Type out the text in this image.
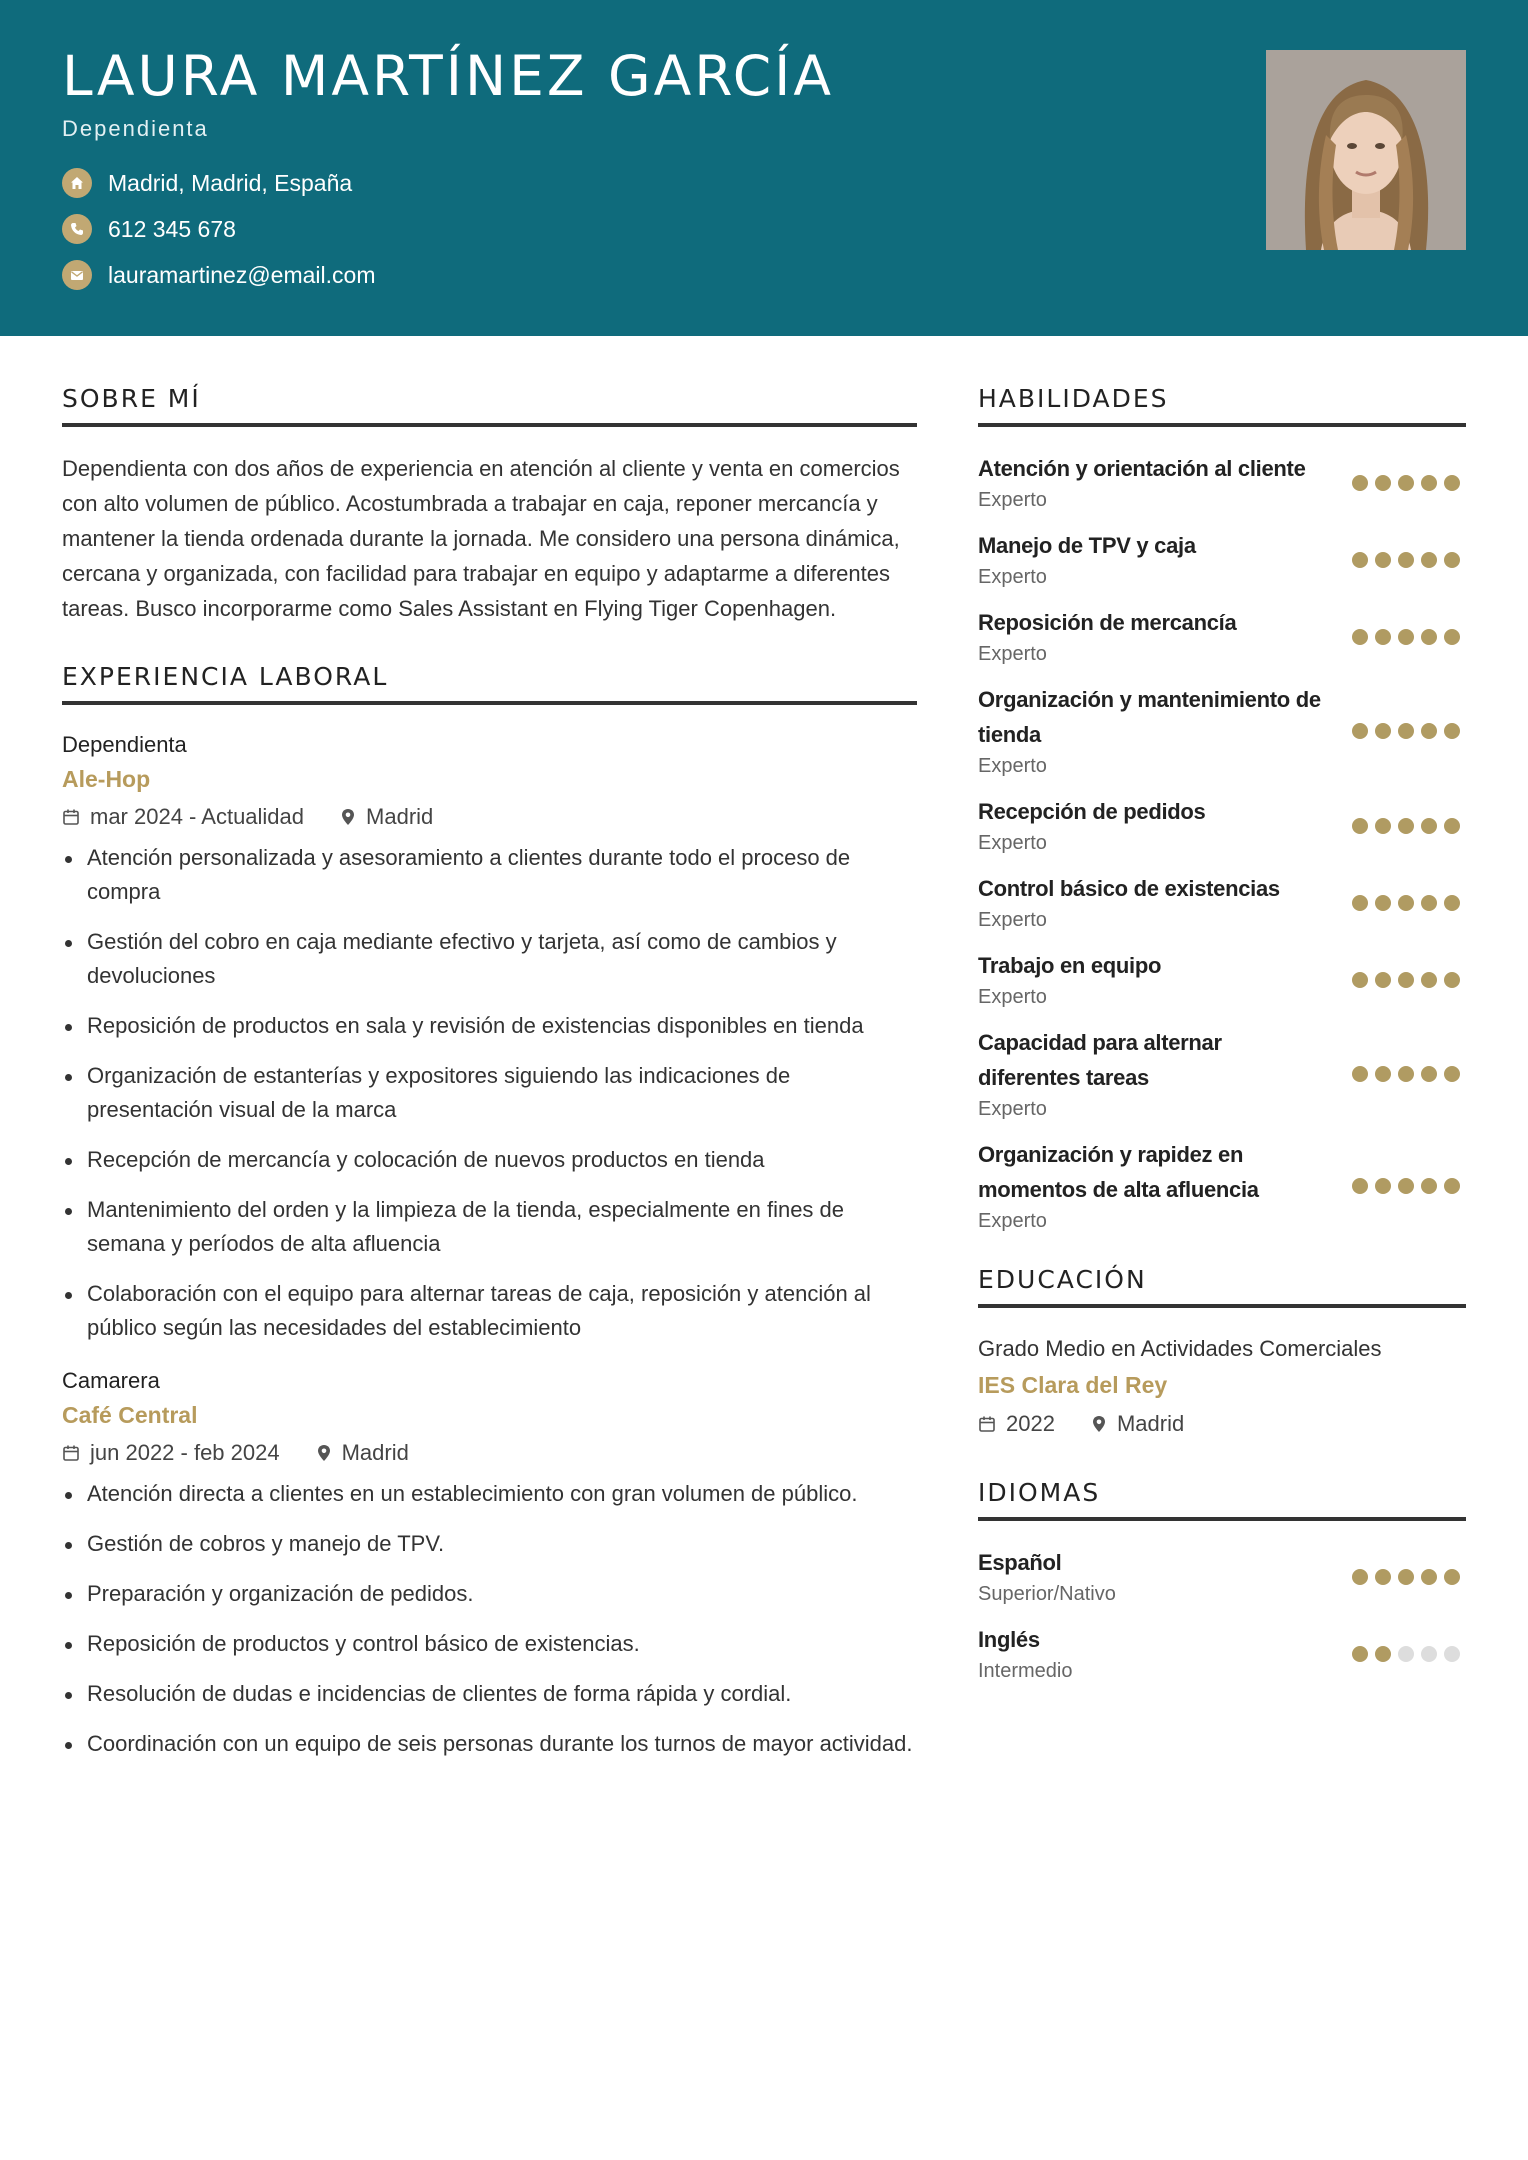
LAURA MARTÍNEZ GARCÍA
Dependienta
Madrid, Madrid, España
612 345 678
lauramartinez@email.com
SOBRE MÍ

Dependienta con dos años de experiencia en atención al cliente y venta en comercios con alto volumen de público. Acostumbrada a trabajar en caja, reponer mercancía y mantener la tienda ordenada durante la jornada. Me considero una persona dinámica, cercana y organizada, con facilidad para trabajar en equipo y adaptarme a diferentes tareas. Busco incorporarme como Sales Assistant en Flying Tiger Copenhagen.

EXPERIENCIA LABORAL
Dependienta
Ale-Hop
mar 2024 - Actualidad	Madrid
Atención personalizada y asesoramiento a clientes durante todo el proceso de compra
Gestión del cobro en caja mediante efectivo y tarjeta, así como de cambios y devoluciones
Reposición de productos en sala y revisión de existencias disponibles en tienda
Organización de estanterías y expositores siguiendo las indicaciones de presentación visual de la marca
Recepción de mercancía y colocación de nuevos productos en tienda
Mantenimiento del orden y la limpieza de la tienda, especialmente en fines de semana y períodos de alta afluencia
Colaboración con el equipo para alternar tareas de caja, reposición y atención al público según las necesidades del establecimiento
Camarera
Café Central
jun 2022 - feb 2024	Madrid
Atención directa a clientes en un establecimiento con gran volumen de público.
Gestión de cobros y manejo de TPV.
Preparación y organización de pedidos.
Reposición de productos y control básico de existencias.
Resolución de dudas e incidencias de clientes de forma rápida y cordial.
Coordinación con un equipo de seis personas durante los turnos de mayor actividad.
HABILIDADES
Atención y orientación al cliente
Experto
Manejo de TPV y caja
Experto
Reposición de mercancía
Experto
Organización y mantenimiento de tienda
Experto
Recepción de pedidos
Experto
Control básico de existencias
Experto
Trabajo en equipo
Experto
Capacidad para alternar diferentes tareas
Experto
Organización y rapidez en momentos de alta afluencia
Experto
EDUCACIÓN
Grado Medio en Actividades Comerciales
IES Clara del Rey
2022	Madrid
IDIOMAS
Español
Superior/Nativo
Inglés
Intermedio
